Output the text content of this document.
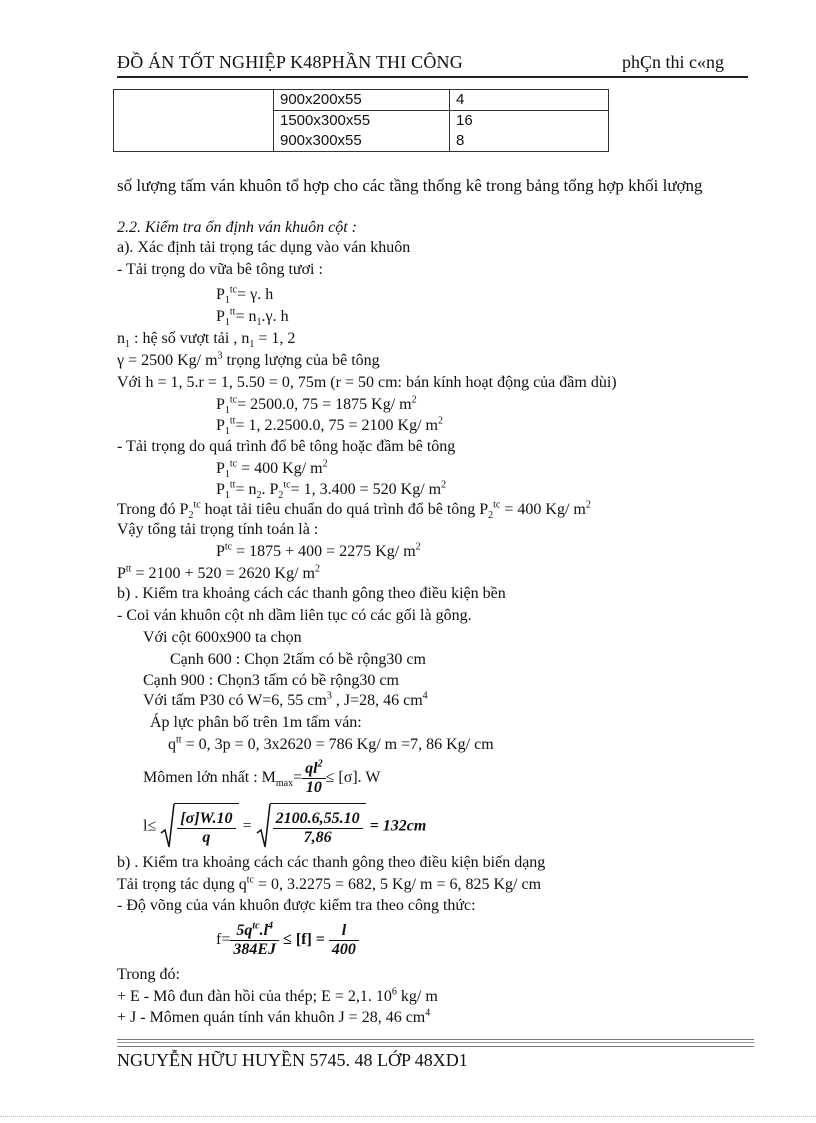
ĐỒ ÁN TỐT NGHIỆP K48PHẦN THI CÔNG	phÇn thi c«ng
	900x200x55	4
	1500x300x55	16
	900x300x55	8
số lượng tấm ván khuôn tổ hợp cho các tầng thống kê trong bảng tổng hợp khối lượng
2.2. Kiểm tra ổn định ván khuôn cột :
a). Xác định tải trọng tác dụng vào ván khuôn
- Tải trọng do vữa bê tông tươi :
$P_1^{tc}= \gamma$. h
$P_1^{tt}= n_1.\gamma$. h
$n_1$ : hệ số vượt tải , $n_1 = 1$, 2
γ = 2500 Kg/ $m^3$ trọng lượng của bê tông
Với h = 1, 5.r = 1, 5.50 = 0, 75m (r = 50 cm: bán kính hoạt động của đầm dùi)
$P_1^{tc}= 2500.0$, 75 = 1875 Kg/ $m^2$
$P_1^{tt}= 1$, 2.2500.0, 75 = 2100 Kg/ $m^2$
- Tải trọng do quá trình đổ bê tông hoặc đầm bê tông
$P_1^{tc} = 400$ Kg/ $m^2$
$P_1^{tt}= n_2$. $P_2^{tc}= 1$, 3.400 = 520 Kg/ $m^2$
Trong đó $P_2^{tc}$ hoạt tải tiêu chuẩn do quá trình đổ bê tông $P_2^{tc} = 400$ Kg/ $m^2$
Vậy tổng tải trọng tính toán là :
$P^{tc} = 1875 + 400 = 2275$ Kg/ $m^2$
$P^{tt} = 2100 + 520 = 2620$ Kg/ $m^2$
b) . Kiểm tra khoảng cách các thanh gông theo điều kiện bền
- Coi ván khuôn cột nh dầm liên tục có các gối là gông.
Với cột 600x900 ta chọn
Cạnh 600 : Chọn 2tấm có bề rộng30 cm
Cạnh 900 : Chọn3 tấm có bề rộng30 cm
Với tấm P30 có W=6, 55 $cm^3$ , J=28, 46 $cm^4$
Áp lực phân bố trên 1m tấm ván:
$q^{tt} = 0$, 3p = 0, 3x2620 = 786 Kg/ m =7, 86 Kg/ cm
Mômen lớn nhất : $M_{max}= \frac{ql^2}{10} \le [\sigma]$. W
$l\le \frac{[\sigma]W.10}{q} = \frac{2100.6,55.10}{7,86} = 132cm$
b) . Kiểm tra khoảng cách các thanh gông theo điều kiện biến dạng
Tải trọng tác dụng $q^{tc} = 0$, 3.2275 = 682, 5 Kg/ m = 6, 825 Kg/ cm
- Độ võng của ván khuôn được kiểm tra theo công thức:
$f= \frac{5q^{tc}.l^4}{384EJ} \le [f] = \frac{l}{400}$
Trong đó:
+ E - Mô đun đàn hồi của thép; E = 2,1. $10^6$ kg/ m
+ J - Mômen quán tính ván khuôn J = 28, 46 $cm^4$
NGUYỄN HỮU HUYỀN 5745. 48 LỚP 48XD1
